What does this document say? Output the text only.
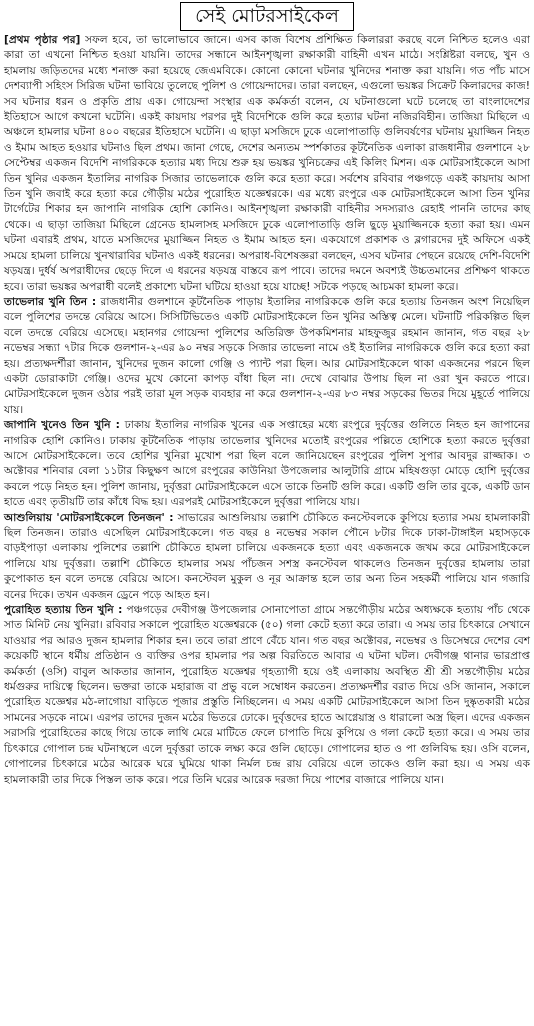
সেই মোটরসাইকেল

[প্রথম পৃষ্ঠার পর] সফল হবে, তা ভালোভাবে জানে। এসব কাজ বিশেষ প্রশিক্ষিত কিলাররা করছে বলে নিশ্চিত হলেও এরা কারা তা এখনো নিশ্চিত হওয়া যায়নি। তাদের সন্ধানে আইনশৃঙ্খলা রক্ষাকারী বাহিনী এখন মাঠে। সংশ্লিষ্টরা বলছে, খুন ও হামলায় জড়িতদের মধ্যে শনাক্ত করা হয়েছে জেএমবিকে। কোনো কোনো ঘটনার খুনিদের শনাক্ত করা যায়নি। গত পাঁচ মাসে দেশব্যাপী সহিংস সিরিজ ঘটনা ভাবিয়ে তুলেছে পুলিশ ও গোয়েন্দাদের। তারা বলছেন, এগুলো ভয়ঙ্কর সিক্রেট কিলারদের কাজ! সব ঘটনার ধরন ও প্রকৃতি প্রায় এক। গোয়েন্দা সংস্থার এক কর্মকর্তা বলেন, যে ঘটনাগুলো ঘটে চলেছে তা বাংলাদেশের ইতিহাসে আগে কখনো ঘটেনি। একই কায়দায় পরপর দুই বিদেশিকে গুলি করে হত্যার ঘটনা নজিরবিহীন। তাজিয়া মিছিলে এ অঞ্চলে হামলার ঘটনা ৪০০ বছরের ইতিহাসে ঘটেনি। এ ছাড়া মসজিদে ঢুকে এলোপাতাড়ি গুলিবর্ষণের ঘটনায় মুয়াজ্জিন নিহত ও ইমাম আহত হওয়ার ঘটনাও ছিল প্রথম। জানা গেছে, দেশের অন্যতম স্পর্শকাতর কূটনৈতিক এলাকা রাজধানীর গুলশানে ২৮ সেপ্টেম্বর একজন বিদেশি নাগরিককে হত্যার মধ্য দিয়ে শুরু হয় ভয়ঙ্কর খুনিচক্রের এই কিলিং মিশন। এক মোটরসাইকেলে আসা তিন খুনির একজন ইতালির নাগরিক সিজার তাভেলাকে গুলি করে হত্যা করে। সর্বশেষ রবিবার পঞ্চগড়ে একই কায়দায় আসা তিন খুনি জবাই করে হত্যা করে গৌড়ীয় মঠের পুরোহিত যজ্ঞেশ্বরকে। এর মধ্যে রংপুরে এক মোটরসাইকেলে আসা তিন খুনির টার্গেটের শিকার হন জাপানি নাগরিক হোশি কোনিও। আইনশৃঙ্খলা রক্ষাকারী বাহিনীর সদস্যরাও রেহাই পাননি তাদের কাছ থেকে। এ ছাড়া তাজিয়া মিছিলে গ্রেনেড হামলাসহ মসজিদে ঢুকে এলোপাতাড়ি গুলি ছুড়ে মুয়াজ্জিনকে হত্যা করা হয়। এমন ঘটনা এবারই প্রথম, যাতে মসজিদের মুয়াজ্জিন নিহত ও ইমাম আহত হন। একযোগে প্রকাশক ও ব্লগারদের দুই অফিসে একই সময়ে হামলা চালিয়ে খুনখারাবির ঘটনাও একই ধরনের। অপরাধ-বিশেষজ্ঞরা বলছেন, এসব ঘটনার পেছনে রয়েছে দেশি-বিদেশি ষড়যন্ত্র। দুর্ধর্ষ অপরাধীদের ছেড়ে দিলে এ ধরনের ষড়যন্ত্র বাস্তবে রূপ পাবে। তাদের দমনে অবশ্যই উচ্চতমানের প্রশিক্ষণ থাকতে হবে। তারা ভয়ঙ্কর অপরাধী বলেই প্রকাশ্যে ঘটনা ঘটিয়ে হাওয়া হয়ে যাচ্ছে! সটকে পড়ছে আচমকা হামলা করে।

তাভেলার খুনি তিন : রাজধানীর গুলশানে কূটনৈতিক পাড়ায় ইতালির নাগরিককে গুলি করে হত্যায় তিনজন অংশ নিয়েছিল বলে পুলিশের তদন্তে বেরিয়ে আসে। সিসিটিভিতেও একটি মোটরসাইকেলে তিন খুনির অস্তিত্ব মেলে। ঘটনাটি পরিকল্পিত ছিল বলে তদন্তে বেরিয়ে এসেছে। মহানগর গোয়েন্দা পুলিশের অতিরিক্ত উপকমিশনার মাহফুজুর রহমান জানান, গত বছর ২৮ নভেম্বর সন্ধ্যা ৭টার দিকে গুলশান-২-এর ৯০ নম্বর সড়কে সিজার তাভেলা নামে ওই ইতালির নাগরিককে গুলি করে হত্যা করা হয়। প্রত্যক্ষদর্শীরা জানান, খুনিদের দুজন কালো গেঞ্জি ও প্যান্ট পরা ছিল। আর মোটরসাইকেলে থাকা একজনের পরনে ছিল একটা ডোরাকাটা গেঞ্জি। ওদের মুখে কোনো কাপড় বাঁধা ছিল না। দেখে বোঝার উপায় ছিল না ওরা খুন করতে পারে। মোটরসাইকেলে দুজন ওঠার পরই তারা মূল সড়ক ব্যবহার না করে গুলশান-২-এর ৮৩ নম্বর সড়কের ভিতর দিয়ে মুহূর্তে পালিয়ে যায়।

জাপানি খুনেও তিন খুনি : ঢাকায় ইতালির নাগরিক খুনের এক সপ্তাহের মধ্যে রংপুরে দুর্বৃত্তের গুলিতে নিহত হন জাপানের নাগরিক হোশি কোনিও। ঢাকায় কূটনৈতিক পাড়ায় তাভেলার খুনিদের মতোই রংপুরের পল্লিতে হোশিকে হত্যা করতে দুর্বৃত্তরা আসে মোটরসাইকেলে। তবে হোশির খুনিরা মুখোশ পরা ছিল বলে জানিয়েছেন রংপুরের পুলিশ সুপার আবদুর রাজ্জাক। ৩ অক্টোবর শনিবার বেলা ১১টার কিছুক্ষণ আগে রংপুরের কাউনিয়া উপজেলার আলুটারি গ্রামে মহিষগুড়া মোড়ে হোশি দুর্বৃত্তের কবলে পড়ে নিহত হন। পুলিশ জানায়, দুর্বৃত্তরা মোটরসাইকেলে এসে তাকে তিনটি গুলি করে। একটি গুলি তার বুকে, একটি ডান হাতে এবং তৃতীয়টি তার কাঁধে বিদ্ধ হয়। এরপরই মোটরসাইকেলে দুর্বৃত্তরা পালিয়ে যায়।

আশুলিয়ায় 'মোটরসাইকেলে তিনজন' : সাভারের আশুলিয়ায় তল্লাশি চৌকিতে কনস্টেবলকে কুপিয়ে হত্যার সময় হামলাকারী ছিল তিনজন। তারাও এসেছিল মোটরসাইকেলে। গত বছর ৪ নভেম্বর সকাল পৌনে ৮টার দিকে ঢাকা-টাঙ্গাইল মহাসড়কে বাড়ইপাড়া এলাকায় পুলিশের তল্লাশি চৌকিতে হামলা চালিয়ে একজনকে হত্যা এবং একজনকে জখম করে মোটরসাইকেলে পালিয়ে যায় দুর্বৃত্তরা। তল্লাশি চৌকিতে হামলার সময় পাঁচজন সশস্ত্র কনস্টেবল থাকলেও তিনজন দুর্বৃত্তের হামলায় তারা কুপোকাত হন বলে তদন্তে বেরিয়ে আসে। কনস্টেবল মুকুল ও নূর আক্রান্ত হলে তার অন্য তিন সহকর্মী পালিয়ে যান গজারি বনের দিকে। তখন একজন ড্রেনে পড়ে আহত হন।

পুরোহিত হত্যায় তিন খুনি : পঞ্চগড়ের দেবীগঞ্জ উপজেলার সোনাপোতা গ্রামে সন্তগৌড়ীয় মঠের অধ্যক্ষকে হত্যায় পাঁচ থেকে সাত মিনিট নেয় খুনিরা। রবিবার সকালে পুরোহিত যজ্ঞেশ্বরকে (৫০) গলা কেটে হত্যা করে তারা। এ সময় তার চিৎকারে সেখানে যাওয়ার পর আরও দুজন হামলার শিকার হন। তবে তারা প্রাণে বেঁচে যান। গত বছর অক্টোবর, নভেম্বর ও ডিসেম্বরে দেশের বেশ কয়েকটি স্থানে ধর্মীয় প্রতিষ্ঠান ও ব্যক্তির ওপর হামলার পর অল্প বিরতিতে আবার এ ঘটনা ঘটল। দেবীগঞ্জ থানার ভারপ্রাপ্ত কর্মকর্তা (ওসি) বাবুল আকতার জানান, পুরোহিত যজ্ঞেশ্বর গৃহত্যাগী হয়ে ওই এলাকায় অবস্থিত শ্রী শ্রী সন্তগৌড়ীয় মঠের ধর্মগুরুর দায়িত্বে ছিলেন। ভক্তরা তাকে মহারাজ বা প্রভু বলে সম্বোধন করতেন। প্রত্যক্ষদর্শীর বরাত দিয়ে ওসি জানান, সকালে পুরোহিত যজ্ঞেশ্বর মঠ-লাগোয়া বাড়িতে পূজার প্রস্তুতি নিচ্ছিলেন। এ সময় একটি মোটরসাইকেলে আসা তিন দুষ্কৃতকারী মঠের সামনের সড়কে নামে। এরপর তাদের দুজন মঠের ভিতরে ঢোকে। দুর্বৃত্তদের হাতে আগ্নেয়াস্ত্র ও ধারালো অস্ত্র ছিল। এদের একজন সরাসরি পুরোহিতের কাছে গিয়ে তাকে লাথি মেরে মাটিতে ফেলে চাপাতি দিয়ে কুপিয়ে ও গলা কেটে হত্যা করে। এ সময় তার চিৎকারে গোপাল চন্দ্র ঘটনাস্থলে এলে দুর্বৃত্তরা তাকে লক্ষ্য করে গুলি ছোড়ে। গোপালের হাত ও পা গুলিবিদ্ধ হয়। ওসি বলেন, গোপালের চিৎকারে মঠের আরেক ঘরে ঘুমিয়ে থাকা নির্মল চন্দ্র রায় বেরিয়ে এলে তাকেও গুলি করা হয়। এ সময় এক হামলাকারী তার দিকে পিস্তল তাক করে। পরে তিনি ঘরের আরেক দরজা দিয়ে পাশের বাজারে পালিয়ে যান।
